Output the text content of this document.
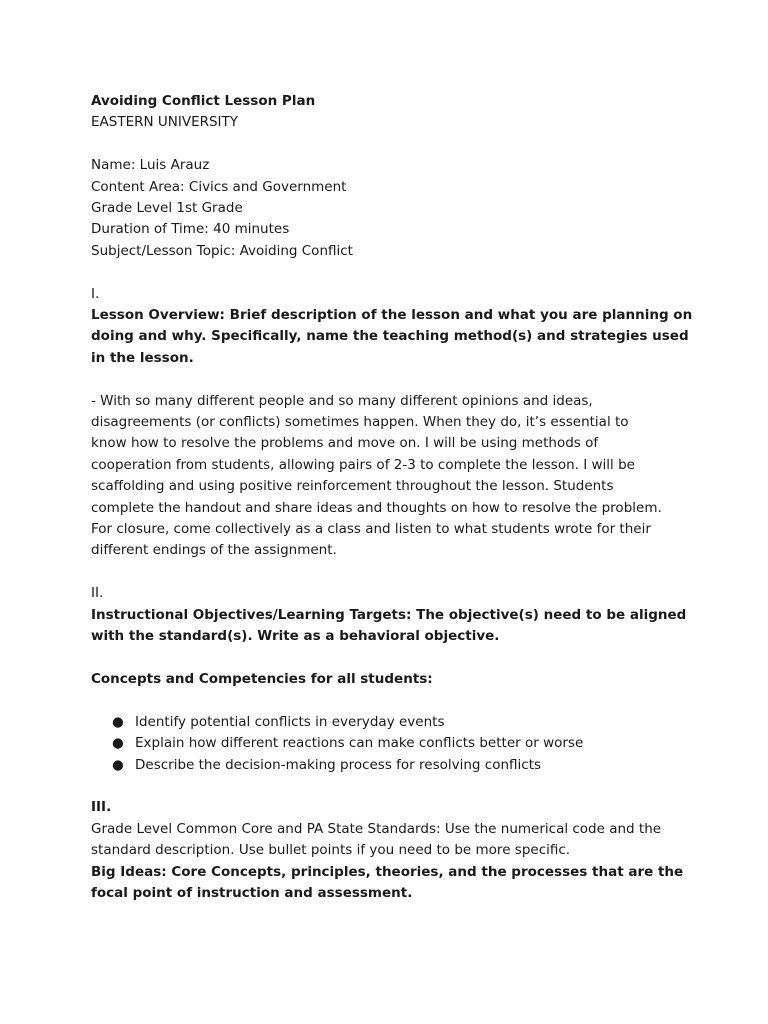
Avoiding Conflict Lesson Plan
EASTERN UNIVERSITY
Name: Luis Arauz
Content Area: Civics and Government
Grade Level 1st Grade
Duration of Time: 40 minutes
Subject/Lesson Topic: Avoiding Conflict
I.
Lesson Overview: Brief description of the lesson and what you are planning on
doing and why. Specifically, name the teaching method(s) and strategies used
in the lesson.
- With so many different people and so many different opinions and ideas,
disagreements (or conflicts) sometimes happen. When they do, it’s essential to
know how to resolve the problems and move on. I will be using methods of
cooperation from students, allowing pairs of 2-3 to complete the lesson. I will be
scaffolding and using positive reinforcement throughout the lesson. Students
complete the handout and share ideas and thoughts on how to resolve the problem.
For closure, come collectively as a class and listen to what students wrote for their
different endings of the assignment.
II.
Instructional Objectives/Learning Targets: The objective(s) need to be aligned
with the standard(s). Write as a behavioral objective.
Concepts and Competencies for all students:
● Identify potential conflicts in everyday events
● Explain how different reactions can make conflicts better or worse
● Describe the decision-making process for resolving conflicts
III.
Grade Level Common Core and PA State Standards: Use the numerical code and the
standard description. Use bullet points if you need to be more specific.
Big Ideas: Core Concepts, principles, theories, and the processes that are the
focal point of instruction and assessment.
